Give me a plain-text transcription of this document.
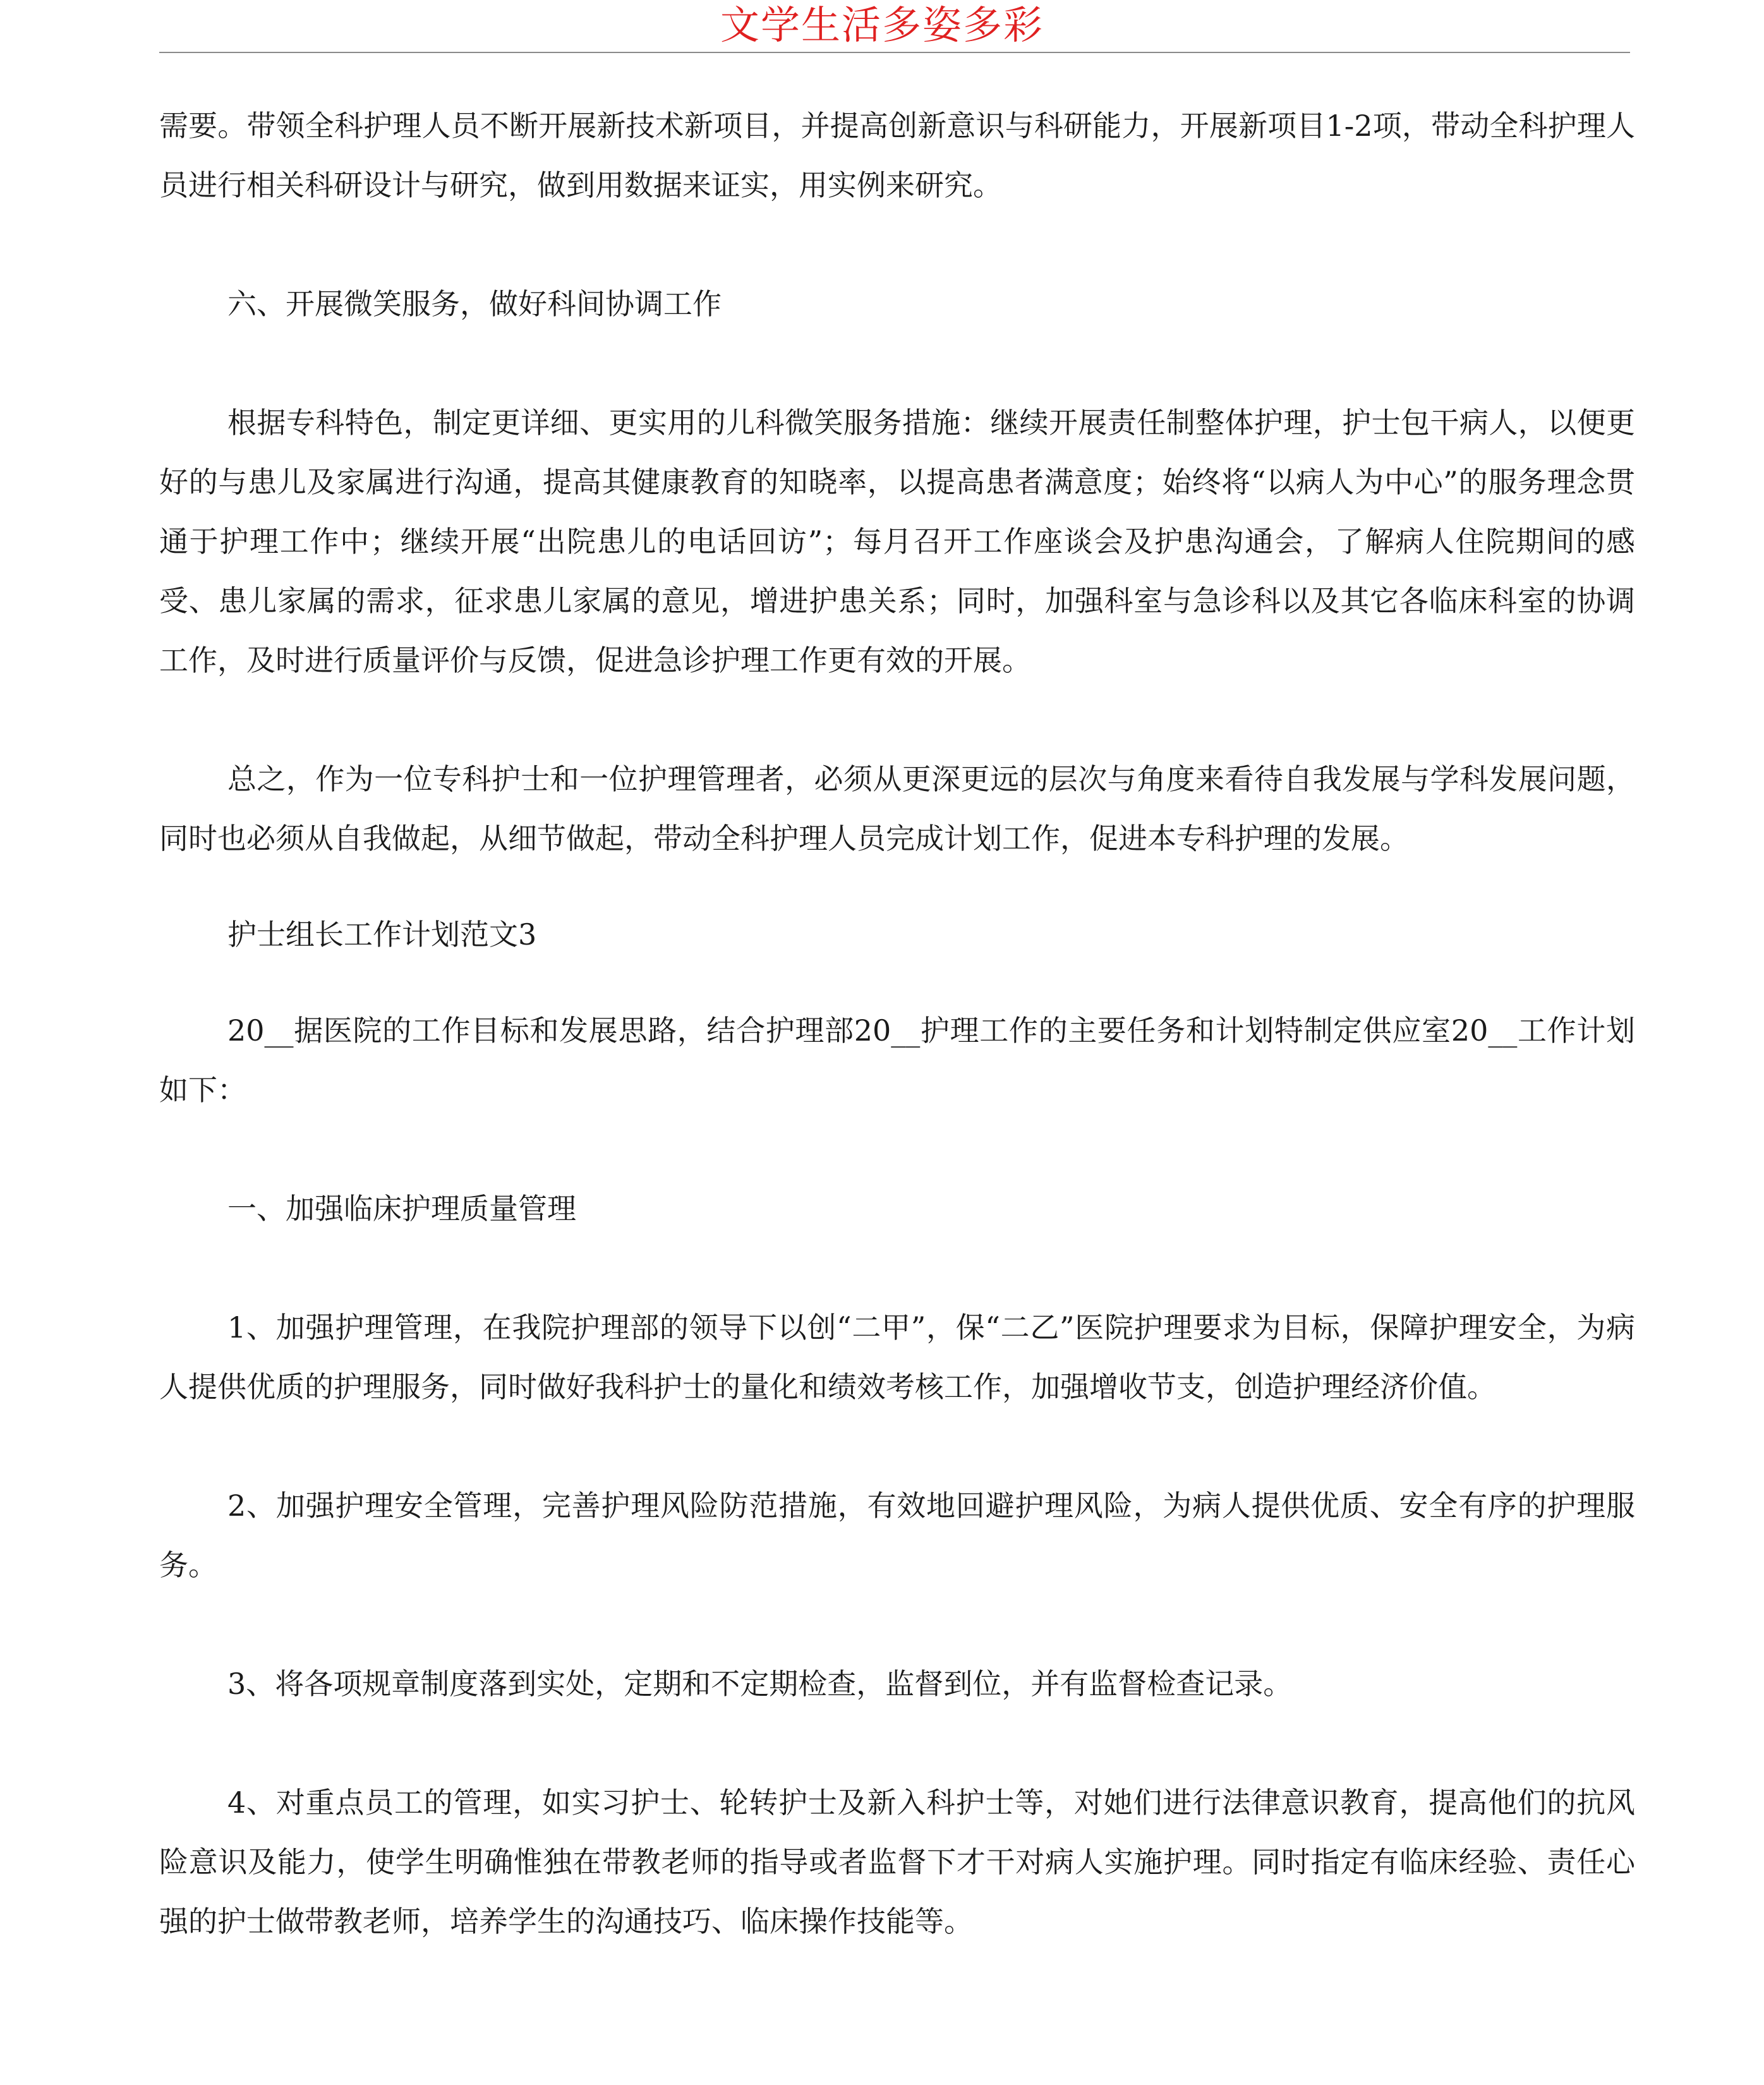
文学生活多姿多彩

需要。带领全科护理人员不断开展新技术新项目，并提高创新意识与科研能力，开展新项目1-2项，带动全科护理人员进行相关科研设计与研究，做到用数据来证实，用实例来研究。

六、开展微笑服务，做好科间协调工作

根据专科特色，制定更详细、更实用的儿科微笑服务措施：继续开展责任制整体护理，护士包干病人，以便更好的与患儿及家属进行沟通，提高其健康教育的知晓率，以提高患者满意度；始终将“以病人为中心”的服务理念贯通于护理工作中；继续开展“出院患儿的电话回访”；每月召开工作座谈会及护患沟通会，了解病人住院期间的感受、患儿家属的需求，征求患儿家属的意见，增进护患关系；同时，加强科室与急诊科以及其它各临床科室的协调工作，及时进行质量评价与反馈，促进急诊护理工作更有效的开展。

总之，作为一位专科护士和一位护理管理者，必须从更深更远的层次与角度来看待自我发展与学科发展问题，同时也必须从自我做起，从细节做起，带动全科护理人员完成计划工作，促进本专科护理的发展。

护士组长工作计划范文3

20__据医院的工作目标和发展思路，结合护理部20__护理工作的主要任务和计划特制定供应室20__工作计划如下：

一、加强临床护理质量管理

1、加强护理管理，在我院护理部的领导下以创“二甲”，保“二乙”医院护理要求为目标，保障护理安全，为病人提供优质的护理服务，同时做好我科护士的量化和绩效考核工作，加强增收节支，创造护理经济价值。

2、加强护理安全管理，完善护理风险防范措施，有效地回避护理风险，为病人提供优质、安全有序的护理服务。

3、将各项规章制度落到实处，定期和不定期检查，监督到位，并有监督检查记录。

4、对重点员工的管理，如实习护士、轮转护士及新入科护士等，对她们进行法律意识教育，提高他们的抗风险意识及能力，使学生明确惟独在带教老师的指导或者监督下才干对病人实施护理。同时指定有临床经验、责任心强的护士做带教老师，培养学生的沟通技巧、临床操作技能等。
